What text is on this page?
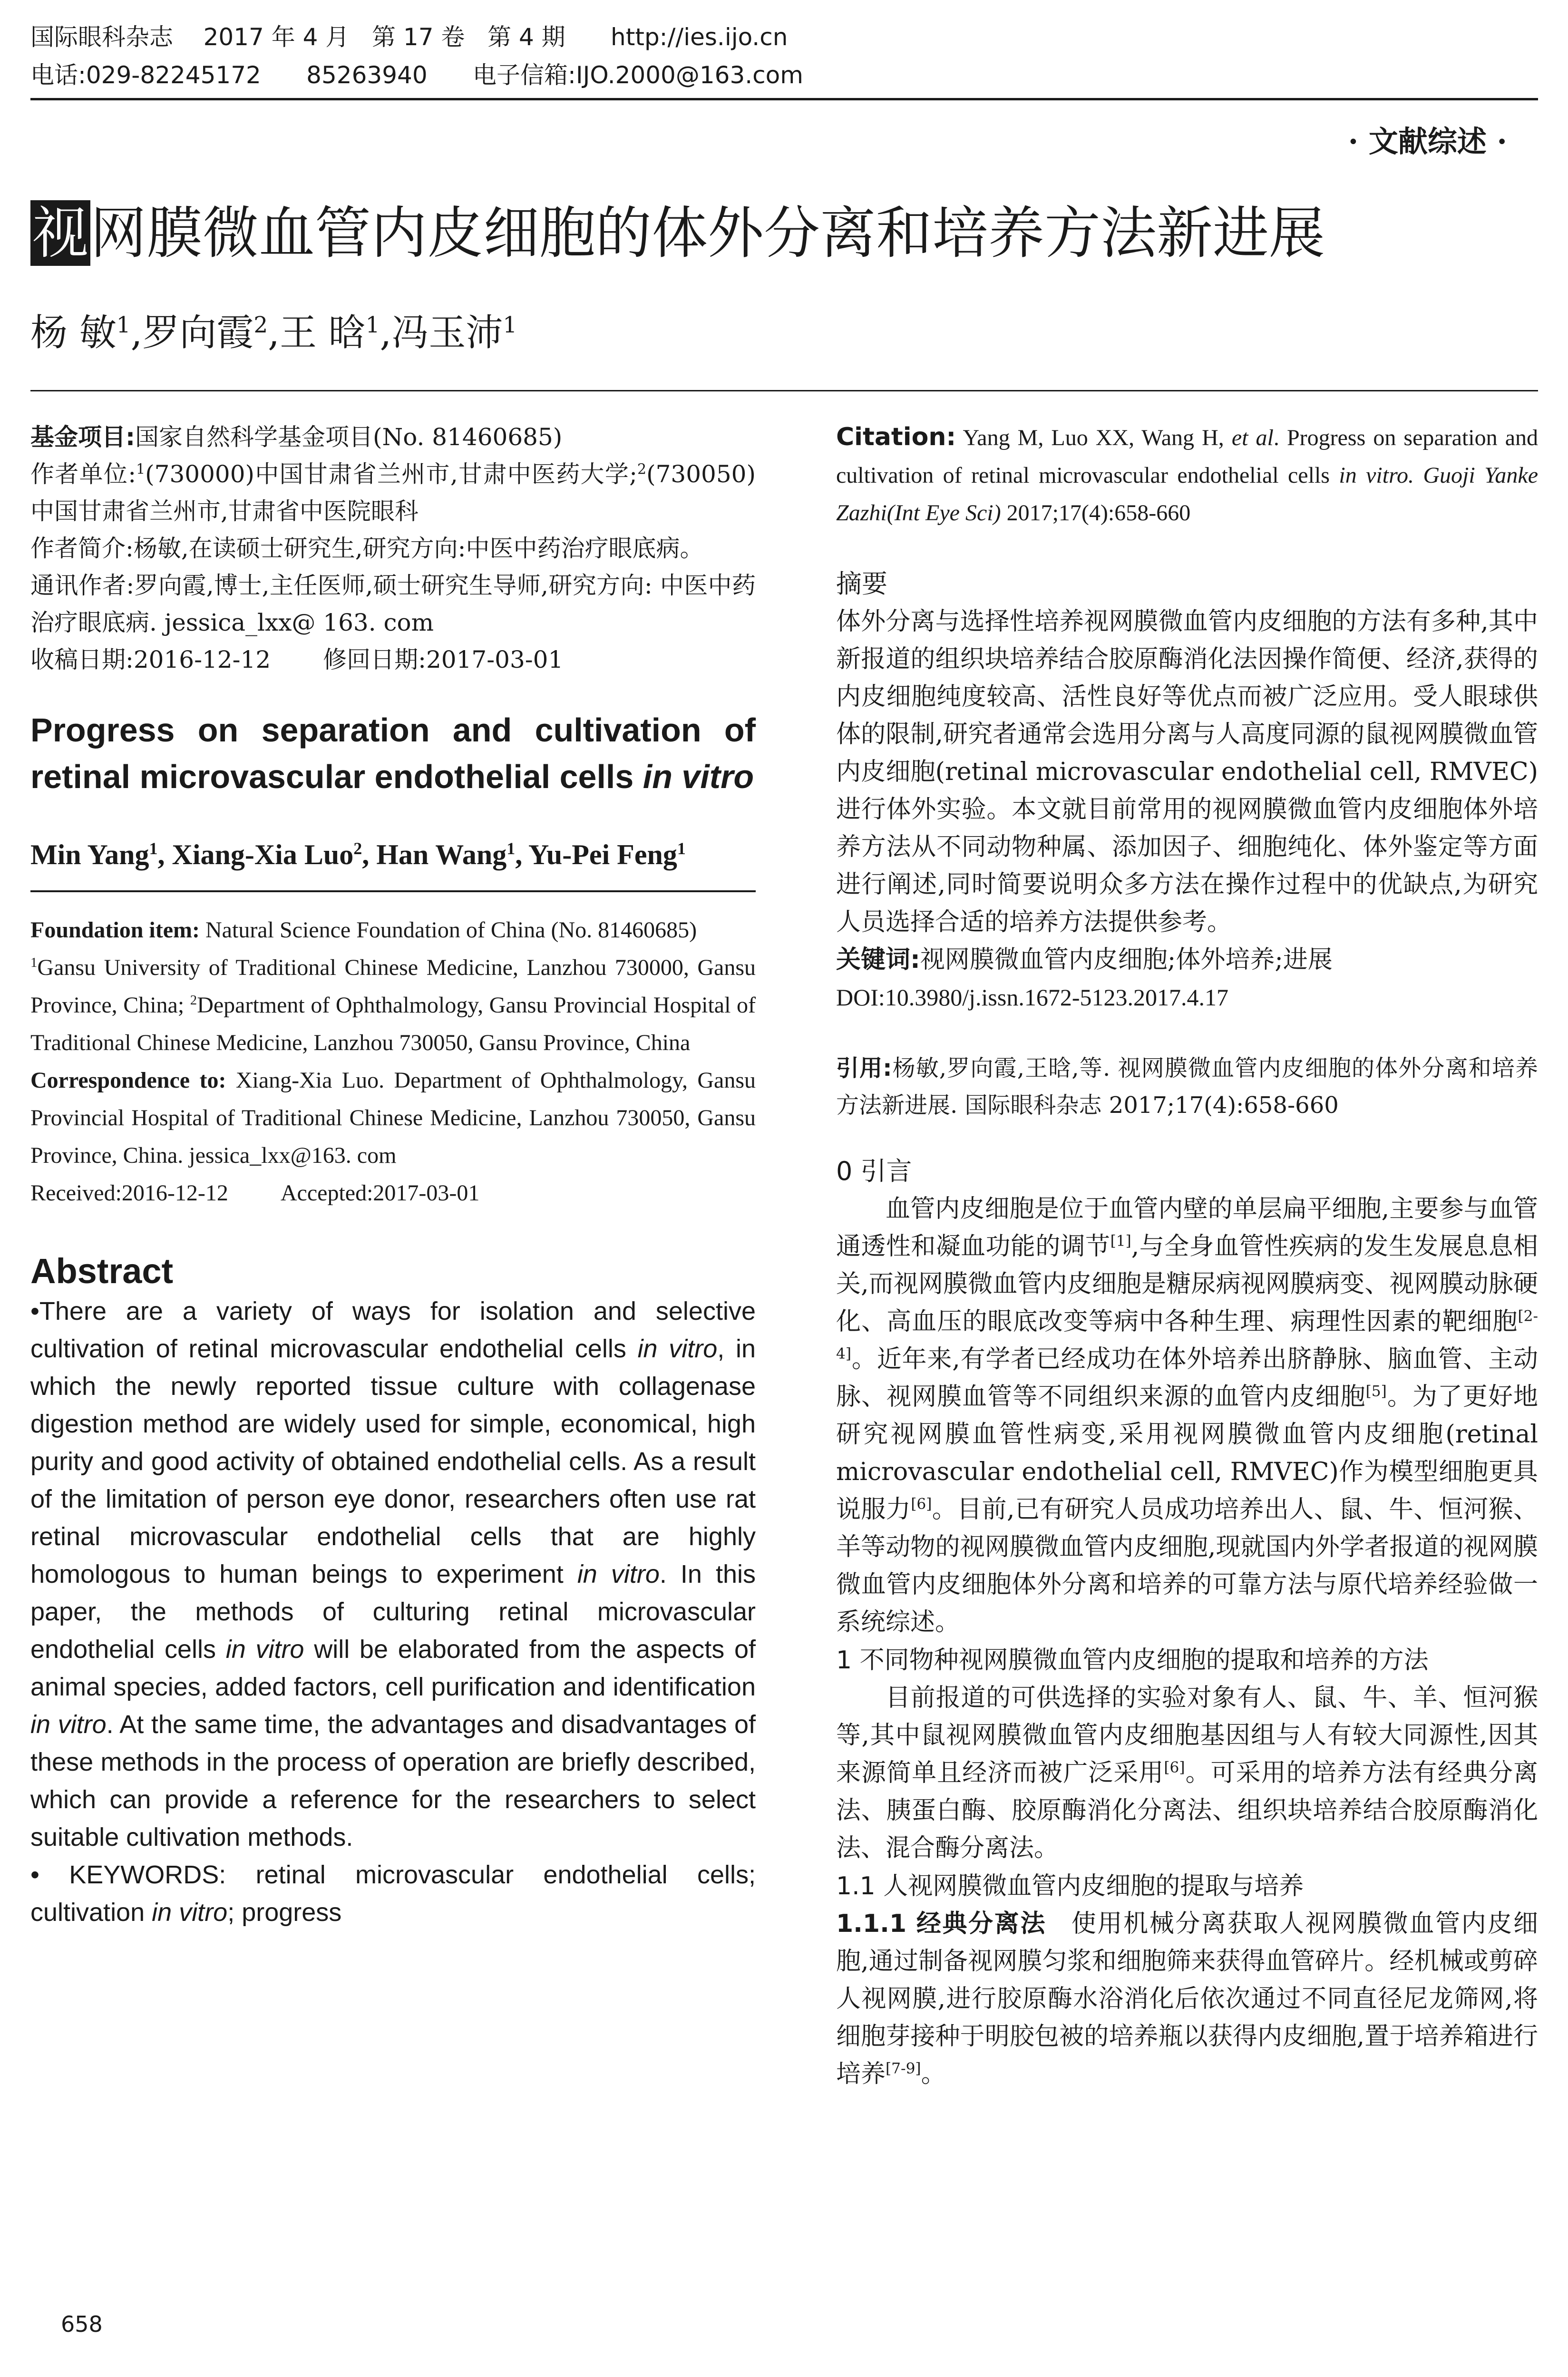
国际眼科杂志    2017 年 4 月   第 17 卷   第 4 期      http://ies.ijo.cn
电话:029-82245172      85263940      电子信箱:IJO.2000@163.com
· 文献综述 ·
视网膜微血管内皮细胞的体外分离和培养方法新进展
杨 敏$^1$,罗向霞$^2$,王 晗$^1$,冯玉沛$^1$
基金项目:国家自然科学基金项目(No. 81460685)
作者单位:$^1$(730000)中国甘肃省兰州市,甘肃中医药大学;$^2$(730050)中国甘肃省兰州市,甘肃省中医院眼科
作者简介:杨敏,在读硕士研究生,研究方向:中医中药治疗眼底病。
通讯作者:罗向霞,博士,主任医师,硕士研究生导师,研究方向: 中医中药治疗眼底病. jessica_lxx@ 163. com
收稿日期:2016-12-12 修回日期:2017-03-01
Progress on separation and cultivation of retinal microvascular endothelial cells in vitro
Min Yang$^1$, Xiang-Xia Luo$^2$, Han Wang$^1$, Yu-Pei Feng$^1$
Foundation item: Natural Science Foundation of China (No. 81460685)
$^1$Gansu University of Traditional Chinese Medicine, Lanzhou 730000, Gansu Province, China; $^2$Department of Ophthalmology, Gansu Provincial Hospital of Traditional Chinese Medicine, Lanzhou 730050, Gansu Province, China
Correspondence to: Xiang-Xia Luo. Department of Ophthalmology, Gansu Provincial Hospital of Traditional Chinese Medicine, Lanzhou 730050, Gansu Province, China. jessica_lxx@163. com
Received:2016-12-12 Accepted:2017-03-01
Abstract
•There are a variety of ways for isolation and selective cultivation of retinal microvascular endothelial cells in vitro, in which the newly reported tissue culture with collagenase digestion method are widely used for simple, economical, high purity and good activity of obtained endothelial cells. As a result of the limitation of person eye donor, researchers often use rat retinal microvascular endothelial cells that are highly homologous to human beings to experiment in vitro. In this paper, the methods of culturing retinal microvascular endothelial cells in vitro will be elaborated from the aspects of animal species, added factors, cell purification and identification in vitro. At the same time, the advantages and disadvantages of these methods in the process of operation are briefly described, which can provide a reference for the researchers to select suitable cultivation methods.
• KEYWORDS: retinal microvascular endothelial cells; cultivation in vitro; progress
Citation: Yang M, Luo XX, Wang H, et al. Progress on separation and cultivation of retinal microvascular endothelial cells in vitro. Guoji Yanke Zazhi(Int Eye Sci) 2017;17(4):658-660
摘要
体外分离与选择性培养视网膜微血管内皮细胞的方法有多种,其中新报道的组织块培养结合胶原酶消化法因操作简便、经济,获得的内皮细胞纯度较高、活性良好等优点而被广泛应用。受人眼球供体的限制,研究者通常会选用分离与人高度同源的鼠视网膜微血管内皮细胞(retinal microvascular endothelial cell, RMVEC)进行体外实验。本文就目前常用的视网膜微血管内皮细胞体外培养方法从不同动物种属、添加因子、细胞纯化、体外鉴定等方面进行阐述,同时简要说明众多方法在操作过程中的优缺点,为研究人员选择合适的培养方法提供参考。
关键词:视网膜微血管内皮细胞;体外培养;进展
DOI:10.3980/j.issn.1672-5123.2017.4.17
引用:杨敏,罗向霞,王晗,等. 视网膜微血管内皮细胞的体外分离和培养方法新进展. 国际眼科杂志 2017;17(4):658-660
0 引言
血管内皮细胞是位于血管内壁的单层扁平细胞,主要参与血管通透性和凝血功能的调节[1],与全身血管性疾病的发生发展息息相关,而视网膜微血管内皮细胞是糖尿病视网膜病变、视网膜动脉硬化、高血压的眼底改变等病中各种生理、病理性因素的靶细胞[2-4]。近年来,有学者已经成功在体外培养出脐静脉、脑血管、主动脉、视网膜血管等不同组织来源的血管内皮细胞[5]。为了更好地研究视网膜血管性病变,采用视网膜微血管内皮细胞(retinal microvascular endothelial cell, RMVEC)作为模型细胞更具说服力[6]。目前,已有研究人员成功培养出人、鼠、牛、恒河猴、羊等动物的视网膜微血管内皮细胞,现就国内外学者报道的视网膜微血管内皮细胞体外分离和培养的可靠方法与原代培养经验做一系统综述。
1 不同物种视网膜微血管内皮细胞的提取和培养的方法
目前报道的可供选择的实验对象有人、鼠、牛、羊、恒河猴等,其中鼠视网膜微血管内皮细胞基因组与人有较大同源性,因其来源简单且经济而被广泛采用[6]。可采用的培养方法有经典分离法、胰蛋白酶、胶原酶消化分离法、组织块培养结合胶原酶消化法、混合酶分离法。
1.1 人视网膜微血管内皮细胞的提取与培养
1.1.1 经典分离法 使用机械分离获取人视网膜微血管内皮细胞,通过制备视网膜匀浆和细胞筛来获得血管碎片。经机械或剪碎人视网膜,进行胶原酶水浴消化后依次通过不同直径尼龙筛网,将细胞芽接种于明胶包被的培养瓶以获得内皮细胞,置于培养箱进行培养[7-9]。
658
